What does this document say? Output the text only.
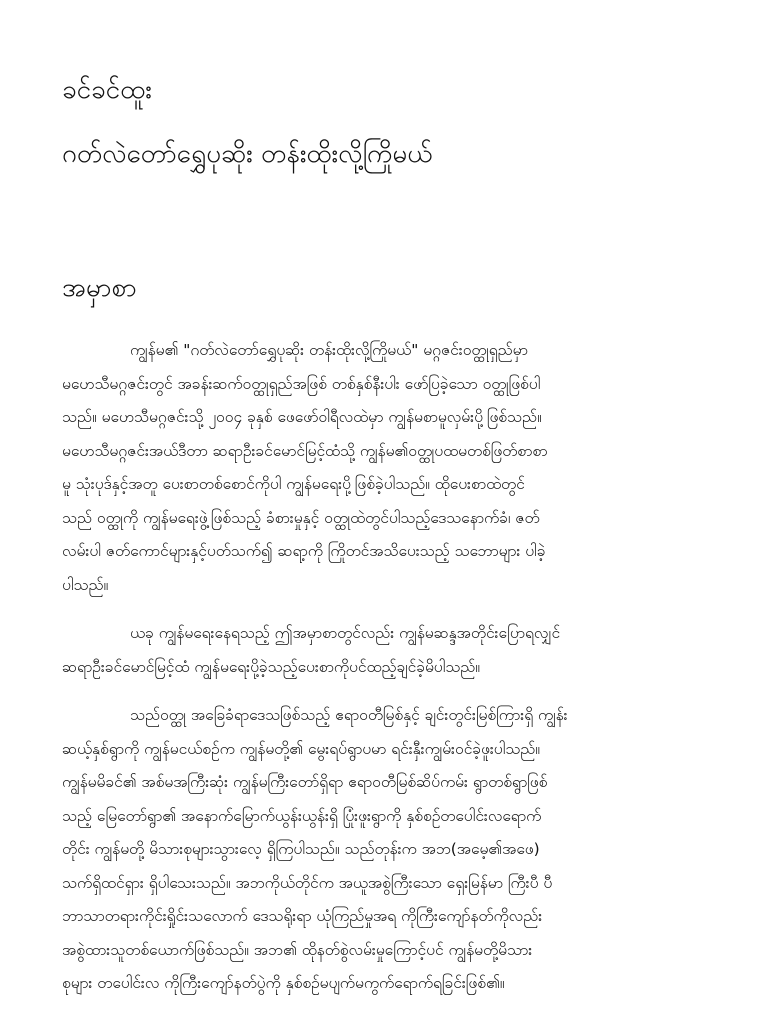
ခင်ခင်ထူး
ဂတ်လဲတော်ရွှေပုဆိုး တန်းထိုးလို့ကြိုမယ်
အမှာစာ
ကျွန်မ၏ "ဂတ်လဲတော်ရွှေပုဆိုး တန်းထိုးလို့ကြိုမယ်" မဂ္ဂဇင်းဝတ္ထုရှည်မှာ
မဟေသီမဂ္ဂဇင်းတွင် အခန်းဆက်ဝတ္ထုရှည်အဖြစ် တစ်နှစ်နီးပါး ဖော်ပြခဲ့သော ဝတ္ထုဖြစ်ပါ
သည်။ မဟေသီမဂ္ဂဇင်းသို့ ၂၀၀၄ ခုနှစ် ဖေဖော်ဝါရီလထဲမှာ ကျွန်မစာမူလှမ်းပို့ဖြစ်သည်။
မဟေသီမဂ္ဂဇင်းအယ်ဒီတာ ဆရာဦးခင်မောင်မြင့်ထံသို့ ကျွန်မ၏ဝတ္ထုပထမတစ်ဖြတ်စာစာ
မူ သုံးပုဒ်နှင့်အတူ ပေးစာတစ်စောင်ကိုပါ ကျွန်မရေးပို့ဖြစ်ခဲ့ပါသည်။ ထိုပေးစာထဲတွင်
သည် ဝတ္ထုကို ကျွန်မရေးဖွဲ့ဖြစ်သည့် ခံစားမှုနှင့် ဝတ္ထုထဲတွင်ပါသည့်ဒေသနောက်ခံ၊ ဇတ်
လမ်းပါ ဇတ်ကောင်များနှင့်ပတ်သက်၍ ဆရာ့ကို ကြိုတင်အသိပေးသည့် သဘောများ ပါခဲ့
ပါသည်။
ယခု ကျွန်မရေးနေရသည့် ဤအမှာစာတွင်လည်း ကျွန်မဆန္ဒအတိုင်းပြောရလျှင်
ဆရာဦးခင်မောင်မြင့်ထံ ကျွန်မရေးပို့ခဲ့သည့်ပေးစာကိုပင်ထည့်ချင်ခဲ့မိပါသည်။
သည်ဝတ္ထု အခြေခံရာဒေသဖြစ်သည့် ဧရာဝတီမြစ်နှင့် ချင်းတွင်းမြစ်ကြားရှိ ကျွန်း
ဆယ့်နှစ်ရွာကို ကျွန်မငယ်စဉ်က ကျွန်မတို့၏ မွေးရပ်ရွာပမာ ရင်းနှီးကျွမ်းဝင်ခဲ့ဖူးပါသည်။
ကျွန်မမိခင်၏ အစ်မအကြီးဆုံး ကျွန်မကြီးတော်ရှိရာ ဧရာဝတီမြစ်ဆိပ်ကမ်း ရွာတစ်ရွာဖြစ်
သည့် မြေတော်ရွာ၏ အနောက်မြောက်ယွန်းယွန်းရှိ ပြုံးဖူးရွာကို နှစ်စဉ်တပေါင်းလရောက်
တိုင်း ကျွန်မတို့ မိသားစုများသွားလေ့ ရှိကြပါသည်။ သည်တုန်းက အဘ(အမေ့၏အဖေ)
သက်ရှိထင်ရှား ရှိပါသေးသည်။ အဘကိုယ်တိုင်က အယူအစွဲကြီးသော ရှေးမြန်မာ ကြီးပီ ပီ
ဘာသာတရားကိုင်းရှိုင်းသလောက် ဒေသရိုးရာ ယုံကြည်မှုအရ ကိုကြီးကျော်နတ်ကိုလည်း
အစွဲထားသူတစ်ယောက်ဖြစ်သည်။ အဘ၏ ထိုနတ်စွဲလမ်းမှုကြောင့်ပင် ကျွန်မတို့မိသား
စုများ တပေါင်းလ ကိုကြီးကျော်နတ်ပွဲကို နှစ်စဉ်မပျက်မကွက်ရောက်ရခြင်းဖြစ်၏။
